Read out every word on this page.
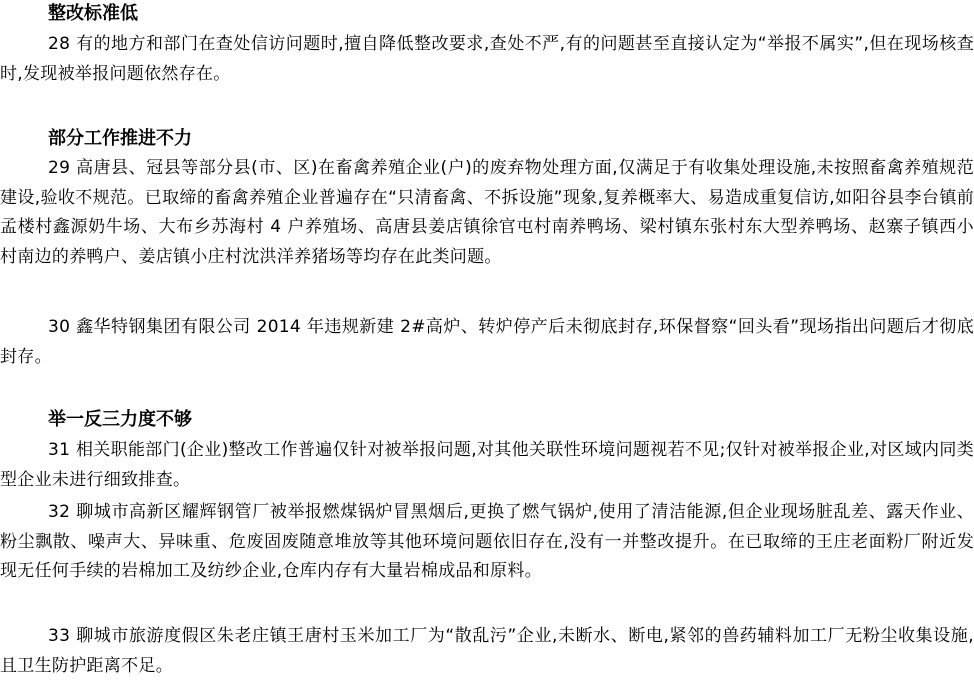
整改标准低

28 有的地方和部门在查处信访问题时,擅自降低整改要求,查处不严,有的问题甚至直接认定为“举报不属实”,但在现场核查时,发现被举报问题依然存在。

部分工作推进不力

29 高唐县、冠县等部分县(市、区)在畜禽养殖企业(户)的废弃物处理方面,仅满足于有收集处理设施,未按照畜禽养殖规范建设,验收不规范。已取缔的畜禽养殖企业普遍存在“只清畜禽、不拆设施”现象,复养概率大、易造成重复信访,如阳谷县李台镇前孟楼村鑫源奶牛场、大布乡苏海村 4 户养殖场、高唐县姜店镇徐官屯村南养鸭场、梁村镇东张村东大型养鸭场、赵寨子镇西小村南边的养鸭户、姜店镇小庄村沈洪洋养猪场等均存在此类问题。

30 鑫华特钢集团有限公司 2014 年违规新建 2#高炉、转炉停产后未彻底封存,环保督察“回头看”现场指出问题后才彻底封存。

举一反三力度不够

31 相关职能部门(企业)整改工作普遍仅针对被举报问题,对其他关联性环境问题视若不见;仅针对被举报企业,对区域内同类型企业未进行细致排查。

32 聊城市高新区耀辉钢管厂被举报燃煤锅炉冒黑烟后,更换了燃气锅炉,使用了清洁能源,但企业现场脏乱差、露天作业、粉尘飘散、噪声大、异味重、危废固废随意堆放等其他环境问题依旧存在,没有一并整改提升。在已取缔的王庄老面粉厂附近发现无任何手续的岩棉加工及纺纱企业,仓库内存有大量岩棉成品和原料。

33 聊城市旅游度假区朱老庄镇王唐村玉米加工厂为“散乱污”企业,未断水、断电,紧邻的兽药辅料加工厂无粉尘收集设施,且卫生防护距离不足。
